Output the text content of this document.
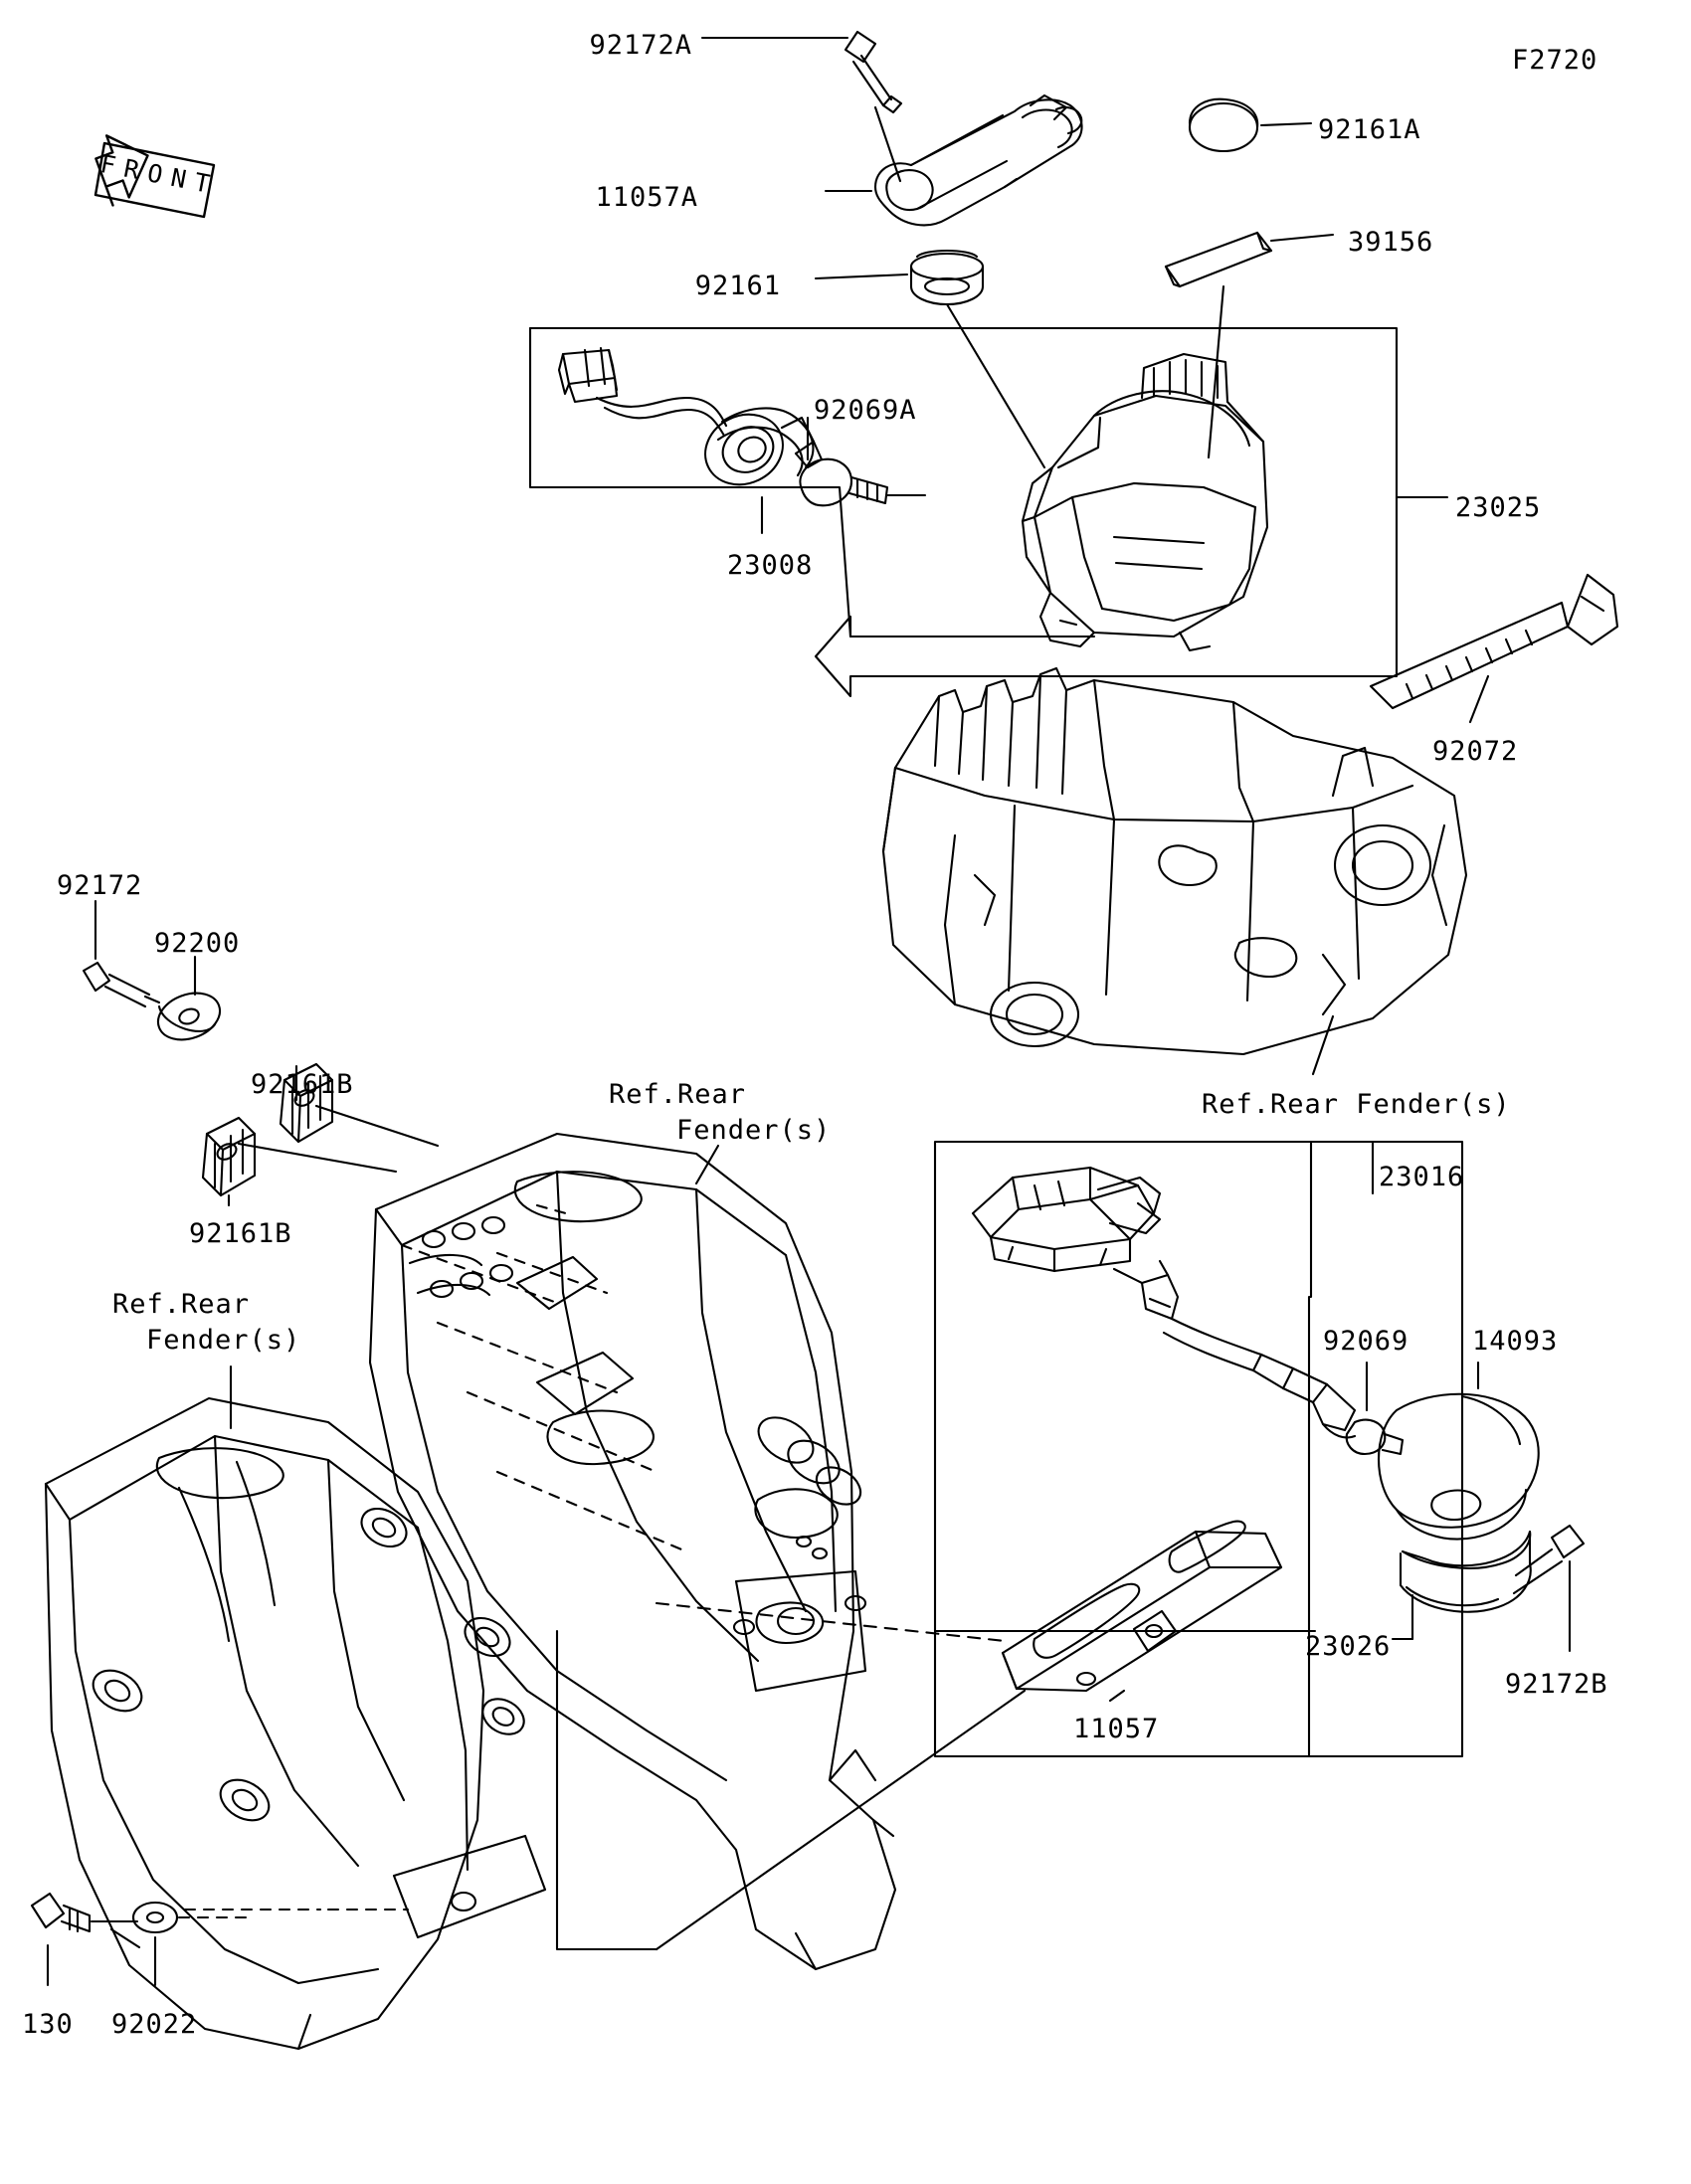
92172A	F2720
92161A
11057A
39156
92161
92069A
23025
23008
92072
92172
92200
92161B	Ref.Rear
Fender(s)
Ref.Rear Fender(s)
92161B
23016
Ref.Rear
Fender(s)	92069 14093
23026
92172B
11057
130 92022
FRONT
